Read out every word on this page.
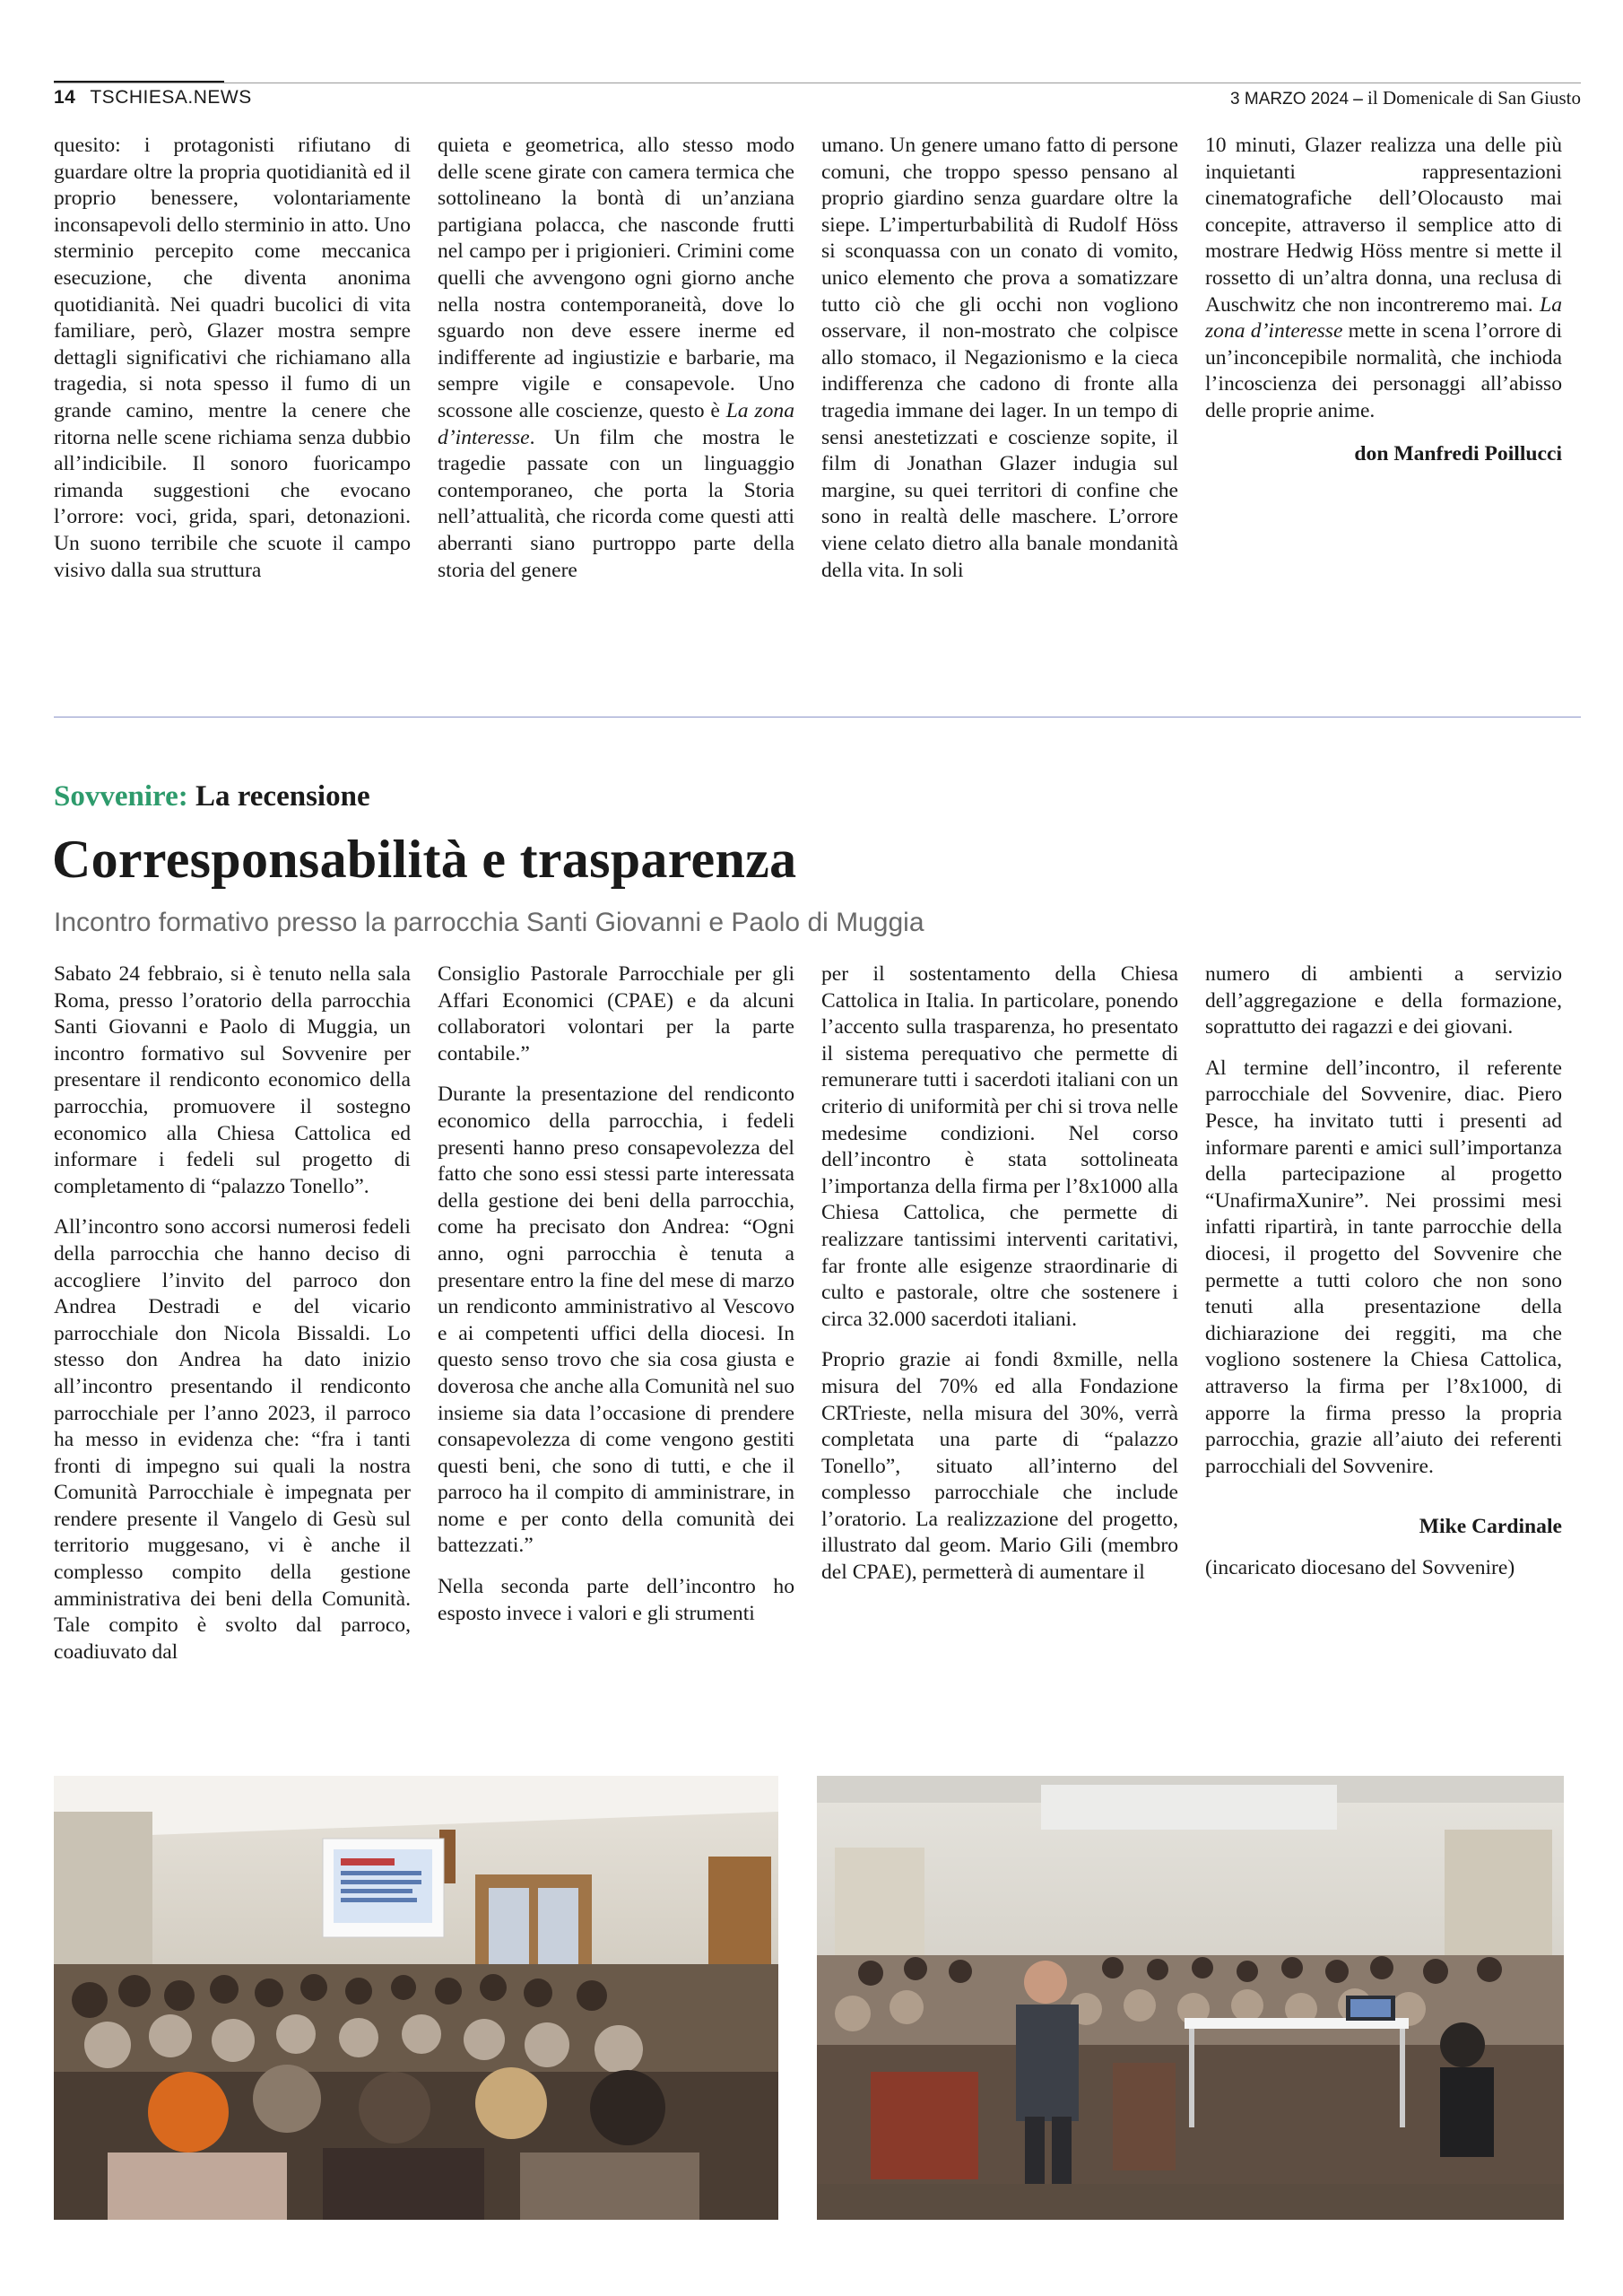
14 TSCHIESA.NEWS	3 MARZO 2024 – il Domenicale di San Giusto

quesito: i protagonisti rifiutano di guardare oltre la propria quotidianità ed il proprio benessere, volontariamente inconsapevoli dello sterminio in atto. Uno sterminio percepito come meccanica esecuzione, che diventa anonima quotidianità. Nei quadri bucolici di vita familiare, però, Glazer mostra sempre dettagli significativi che richiamano alla tragedia, si nota spesso il fumo di un grande camino, mentre la cenere che ritorna nelle scene richiama senza dubbio all’indicibile. Il sonoro fuoricampo rimanda suggestioni che evocano l’orrore: voci, grida, spari, detonazioni. Un suono terribile che scuote il campo visivo dalla sua struttura

quieta e geometrica, allo stesso modo delle scene girate con camera termica che sottolineano la bontà di un’anziana partigiana polacca, che nasconde frutti nel campo per i prigionieri. Crimini come quelli che avvengono ogni giorno anche nella nostra contemporaneità, dove lo sguardo non deve essere inerme ed indifferente ad ingiustizie e barbarie, ma sempre vigile e consapevole. Uno scossone alle coscienze, questo è La zona d’interesse. Un film che mostra le tragedie passate con un linguaggio contemporaneo, che porta la Storia nell’attualità, che ricorda come questi atti aberranti siano purtroppo parte della storia del genere

umano. Un genere umano fatto di persone comuni, che troppo spesso pensano al proprio giardino senza guardare oltre la siepe. L’imperturbabilità di Rudolf Höss si sconquassa con un conato di vomito, unico elemento che prova a somatizzare tutto ciò che gli occhi non vogliono osservare, il non-mostrato che colpisce allo stomaco, il Negazionismo e la cieca indifferenza che cadono di fronte alla tragedia immane dei lager. In un tempo di sensi anestetizzati e coscienze sopite, il film di Jonathan Glazer indugia sul margine, su quei territori di confine che sono in realtà delle maschere. L’orrore viene celato dietro alla banale mondanità della vita. In soli

10 minuti, Glazer realizza una delle più inquietanti rappresentazioni cinematografiche dell’Olocausto mai concepite, attraverso il semplice atto di mostrare Hedwig Höss mentre si mette il rossetto di un’altra donna, una reclusa di Auschwitz che non incontreremo mai. La zona d’interesse mette in scena l’orrore di un’inconcepibile normalità, che inchioda l’incoscienza dei personaggi all’abisso delle proprie anime.

don Manfredi Poillucci

Sovvenire: La recensione
Corresponsabilità e trasparenza
Incontro formativo presso la parrocchia Santi Giovanni e Paolo di Muggia

Sabato 24 febbraio, si è tenuto nella sala Roma, presso l’oratorio della parrocchia Santi Giovanni e Paolo di Muggia, un incontro formativo sul Sovvenire per presentare il rendiconto economico della parrocchia, promuovere il sostegno economico alla Chiesa Cattolica ed informare i fedeli sul progetto di completamento di “palazzo Tonello”.

All’incontro sono accorsi numerosi fedeli della parrocchia che hanno deciso di accogliere l’invito del parroco don Andrea Destradi e del vicario parrocchiale don Nicola Bissaldi. Lo stesso don Andrea ha dato inizio all’incontro presentando il rendiconto parrocchiale per l’anno 2023, il parroco ha messo in evidenza che: “fra i tanti fronti di impegno sui quali la nostra Comunità Parrocchiale è impegnata per rendere presente il Vangelo di Gesù sul territorio muggesano, vi è anche il complesso compito della gestione amministrativa dei beni della Comunità. Tale compito è svolto dal parroco, coadiuvato dal

Consiglio Pastorale Parrocchiale per gli Affari Economici (CPAE) e da alcuni collaboratori volontari per la parte contabile.”

Durante la presentazione del rendiconto economico della parrocchia, i fedeli presenti hanno preso consapevolezza del fatto che sono essi stessi parte interessata della gestione dei beni della parrocchia, come ha precisato don Andrea: “Ogni anno, ogni parrocchia è tenuta a presentare entro la fine del mese di marzo un rendiconto amministrativo al Vescovo e ai competenti uffici della diocesi. In questo senso trovo che sia cosa giusta e doverosa che anche alla Comunità nel suo insieme sia data l’occasione di prendere consapevolezza di come vengono gestiti questi beni, che sono di tutti, e che il parroco ha il compito di amministrare, in nome e per conto della comunità dei battezzati.”

Nella seconda parte dell’incontro ho esposto invece i valori e gli strumenti

per il sostentamento della Chiesa Cattolica in Italia. In particolare, ponendo l’accento sulla trasparenza, ho presentato il sistema perequativo che permette di remunerare tutti i sacerdoti italiani con un criterio di uniformità per chi si trova nelle medesime condizioni. Nel corso dell’incontro è stata sottolineata l’importanza della firma per l’8x1000 alla Chiesa Cattolica, che permette di realizzare tantissimi interventi caritativi, far fronte alle esigenze straordinarie di culto e pastorale, oltre che sostenere i circa 32.000 sacerdoti italiani.

Proprio grazie ai fondi 8xmille, nella misura del 70% ed alla Fondazione CRTrieste, nella misura del 30%, verrà completata una parte di “palazzo Tonello”, situato all’interno del complesso parrocchiale che include l’oratorio. La realizzazione del progetto, illustrato dal geom. Mario Gili (membro del CPAE), permetterà di aumentare il

numero di ambienti a servizio dell’aggregazione e della formazione, soprattutto dei ragazzi e dei giovani.

Al termine dell’incontro, il referente parrocchiale del Sovvenire, diac. Piero Pesce, ha invitato tutti i presenti ad informare parenti e amici sull’importanza della partecipazione al progetto “UnafirmaXunire”. Nei prossimi mesi infatti ripartirà, in tante parrocchie della diocesi, il progetto del Sovvenire che permette a tutti coloro che non sono tenuti alla presentazione della dichiarazione dei reggiti, ma che vogliono sostenere la Chiesa Cattolica, attraverso la firma per l’8x1000, di apporre la firma presso la propria parrocchia, grazie all’aiuto dei referenti parrocchiali del Sovvenire.

Mike Cardinale

(incaricato diocesano del Sovvenire)
